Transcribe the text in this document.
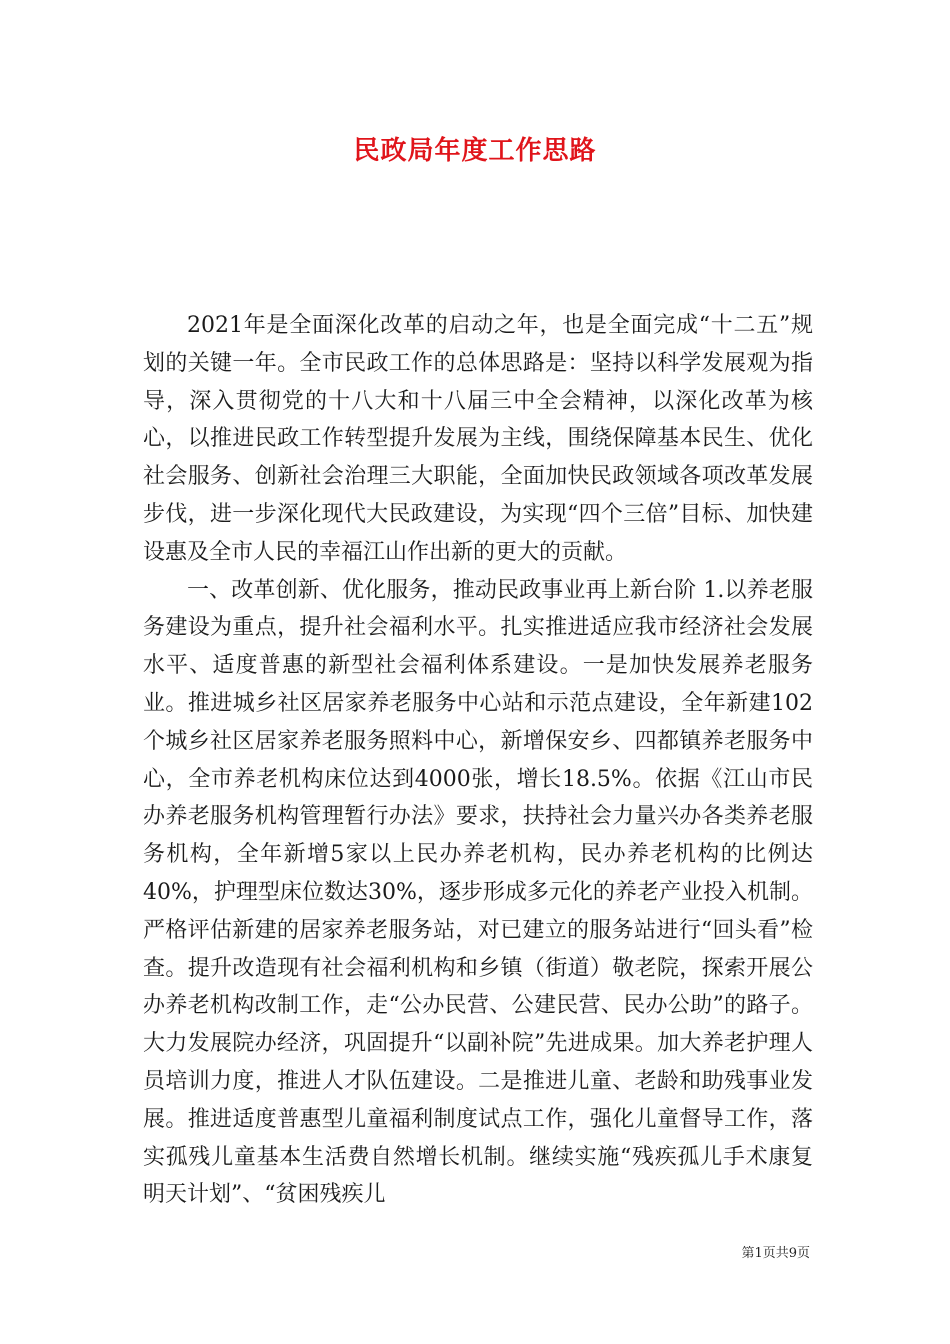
民政局年度工作思路

2021年是全面深化改革的启动之年，也是全面完成“十二五”规划的关键一年。全市民政工作的总体思路是：坚持以科学发展观为指导，深入贯彻党的十八大和十八届三中全会精神，以深化改革为核心，以推进民政工作转型提升发展为主线，围绕保障基本民生、优化社会服务、创新社会治理三大职能，全面加快民政领域各项改革发展步伐，进一步深化现代大民政建设，为实现“四个三倍”目标、加快建设惠及全市人民的幸福江山作出新的更大的贡献。

一、改革创新、优化服务，推动民政事业再上新台阶 1.以养老服务建设为重点，提升社会福利水平。扎实推进适应我市经济社会发展水平、适度普惠的新型社会福利体系建设。一是加快发展养老服务业。推进城乡社区居家养老服务中心站和示范点建设，全年新建102个城乡社区居家养老服务照料中心，新增保安乡、四都镇养老服务中心，全市养老机构床位达到4000张，增长18.5%。依据《江山市民办养老服务机构管理暂行办法》要求，扶持社会力量兴办各类养老服务机构，全年新增5家以上民办养老机构，民办养老机构的比例达40%，护理型床位数达30%，逐步形成多元化的养老产业投入机制。严格评估新建的居家养老服务站，对已建立的服务站进行“回头看”检查。提升改造现有社会福利机构和乡镇（街道）敬老院，探索开展公办养老机构改制工作，走“公办民营、公建民营、民办公助”的路子。大力发展院办经济，巩固提升“以副补院”先进成果。加大养老护理人员培训力度，推进人才队伍建设。二是推进儿童、老龄和助残事业发展。推进适度普惠型儿童福利制度试点工作，强化儿童督导工作，落实孤残儿童基本生活费自然增长机制。继续实施“残疾孤儿手术康复明天计划”、“贫困残疾儿

第1页共9页
